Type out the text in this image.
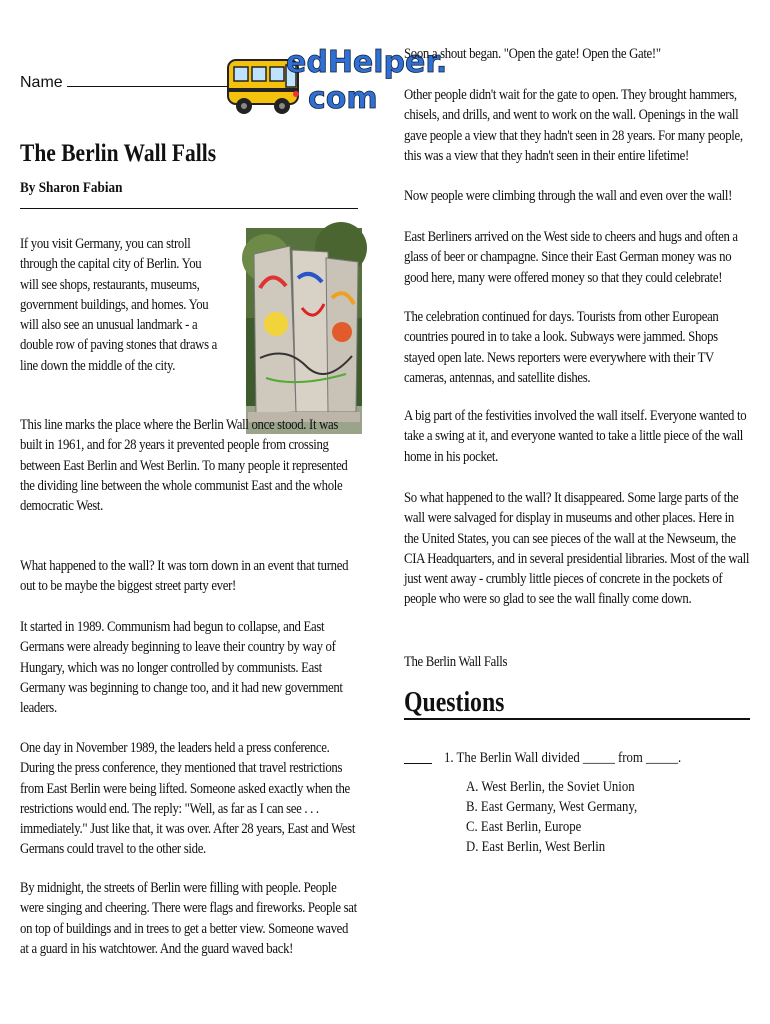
Name
edHelper.
com
The Berlin Wall Falls
By Sharon Fabian
If you visit Germany, you can stroll through the capital city of Berlin. You will see shops, restaurants, museums, government buildings, and homes. You will also see an unusual landmark - a double row of paving stones that draws a line down the middle of the city.
This line marks the place where the Berlin Wall once stood. It was built in 1961, and for 28 years it prevented people from crossing between East Berlin and West Berlin. To many people it represented the dividing line between the whole communist East and the whole democratic West.
What happened to the wall? It was torn down in an event that turned out to be maybe the biggest street party ever!
It started in 1989. Communism had begun to collapse, and East Germans were already beginning to leave their country by way of Hungary, which was no longer controlled by communists. East Germany was beginning to change too, and it had new government leaders.
One day in November 1989, the leaders held a press conference. During the press conference, they mentioned that travel restrictions from East Berlin were being lifted. Someone asked exactly when the restrictions would end. The reply: "Well, as far as I can see . . . immediately." Just like that, it was over. After 28 years, East and West Germans could travel to the other side.
By midnight, the streets of Berlin were filling with people. People were singing and cheering. There were flags and fireworks. People sat on top of buildings and in trees to get a better view. Someone waved at a guard in his watchtower. And the guard waved back!
Soon a shout began. "Open the gate! Open the Gate!"
Other people didn't wait for the gate to open. They brought hammers, chisels, and drills, and went to work on the wall. Openings in the wall gave people a view that they hadn't seen in 28 years. For many people, this was a view that they hadn't seen in their entire lifetime!
Now people were climbing through the wall and even over the wall!
East Berliners arrived on the West side to cheers and hugs and often a glass of beer or champagne. Since their East German money was no good here, many were offered money so that they could celebrate!
The celebration continued for days. Tourists from other European countries poured in to take a look. Subways were jammed. Shops stayed open late. News reporters were everywhere with their TV cameras, antennas, and satellite dishes.
A big part of the festivities involved the wall itself. Everyone wanted to take a swing at it, and everyone wanted to take a little piece of the wall home in his pocket.
So what happened to the wall? It disappeared. Some large parts of the wall were salvaged for display in museums and other places. Here in the United States, you can see pieces of the wall at the Newseum, the CIA Headquarters, and in several presidential libraries. Most of the wall just went away - crumbly little pieces of concrete in the pockets of people who were so glad to see the wall finally come down.
The Berlin Wall Falls
Questions
1. The Berlin Wall divided _____ from _____.
A. West Berlin, the Soviet Union
B. East Germany, West Germany,
C. East Berlin, Europe
D. East Berlin, West Berlin
